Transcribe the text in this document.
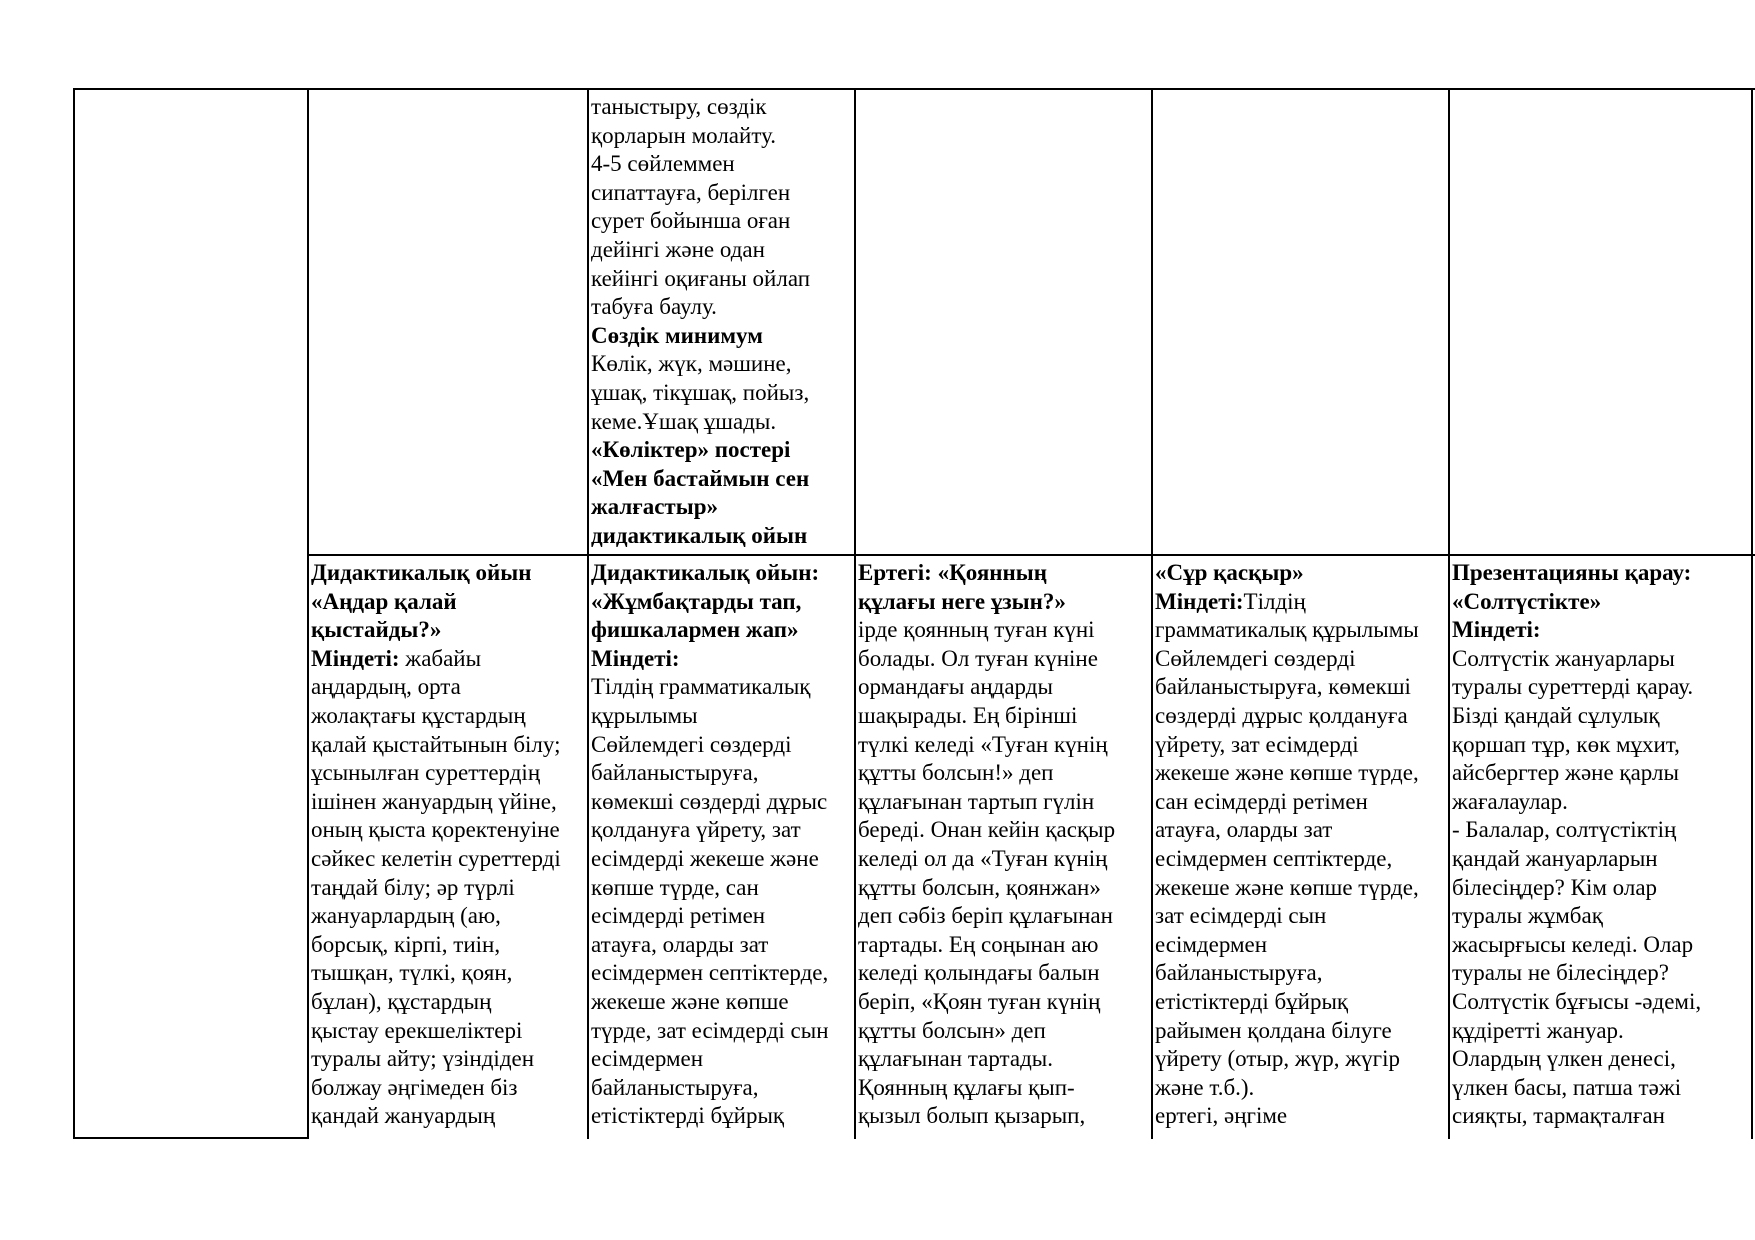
таныстыру, сөздік
қорларын молайту.
4-5 сөйлеммен
сипаттауға, берілген
сурет бойынша оған
дейінгі және одан
кейінгі оқиғаны ойлап
табуға баулу.
Сөздік минимум
Көлік, жүк, мәшине,
ұшақ, тікұшақ, пойыз,
кеме.Ұшақ ұшады.
«Көліктер» постері
«Мен бастаймын сен
жалғастыр»
дидактикалық ойын
Дидактикалық ойын
«Аңдар қалай
қыстайды?»
Міндеті: жабайы
аңдардың, орта
жолақтағы құстардың
қалай қыстайтынын білу;
ұсынылған суреттердің
ішінен жануардың үйіне,
оның қыста қоректенуіне
сәйкес келетін суреттерді
таңдай білу; әр түрлі
жануарлардың (аю,
борсық, кірпі, тиін,
тышқан, түлкі, қоян,
бұлан), құстардың
қыстау ерекшеліктері
туралы айту; үзіндіден
болжау әңгімеден біз
қандай жануардың
Дидактикалық ойын:
«Жұмбақтарды тап,
фишкалармен жап»
Міндеті:
Тілдің грамматикалық
құрылымы
Сөйлемдегі сөздерді
байланыстыруға,
көмекші сөздерді дұрыс
қолдануға үйрету, зат
есімдерді жекеше және
көпше түрде, сан
есімдерді ретімен
атауға, оларды зат
есімдермен септіктерде,
жекеше және көпше
түрде, зат есімдерді сын
есімдермен
байланыстыруға,
етістіктерді бұйрық
Ертегі: «Қоянның
құлағы неге ұзын?»
ірде қоянның туған күні
болады. Ол туған күніне
ормандағы аңдарды
шақырады. Ең бірінші
түлкі келеді «Туған күнің
құтты болсын!» деп
құлағынан тартып гүлін
береді. Онан кейін қасқыр
келеді ол да «Туған күнің
құтты болсын, қоянжан»
деп сәбіз беріп құлағынан
тартады. Ең соңынан аю
келеді қолындағы балын
беріп, «Қоян туған күнің
құтты болсын» деп
құлағынан тартады.
Қоянның құлағы қып-
қызыл болып қызарып,
«Сұр қасқыр»
Міндеті:Тілдің
грамматикалық құрылымы
Сөйлемдегі сөздерді
байланыстыруға, көмекші
сөздерді дұрыс қолдануға
үйрету, зат есімдерді
жекеше және көпше түрде,
сан есімдерді ретімен
атауға, оларды зат
есімдермен септіктерде,
жекеше және көпше түрде,
зат есімдерді сын
есімдермен
байланыстыруға,
етістіктерді бұйрық
райымен қолдана білуге
үйрету (отыр, жүр, жүгір
және т.б.).
ертегі, әңгіме
Презентацияны қарау:
«Солтүстікте»
Міндеті:
Солтүстік жануарлары
туралы суреттерді қарау.
Бізді қандай сұлулық
қоршап тұр, көк мұхит,
айсбергтер және қарлы
жағалаулар.
- Балалар, солтүстіктің
қандай жануарларын
білесіңдер? Кім олар
туралы жұмбақ
жасырғысы келеді. Олар
туралы не білесіңдер?
Солтүстік бұғысы -әдемі,
құдіретті жануар.
Олардың үлкен денесі,
үлкен басы, патша тәжі
сияқты, тармақталған
